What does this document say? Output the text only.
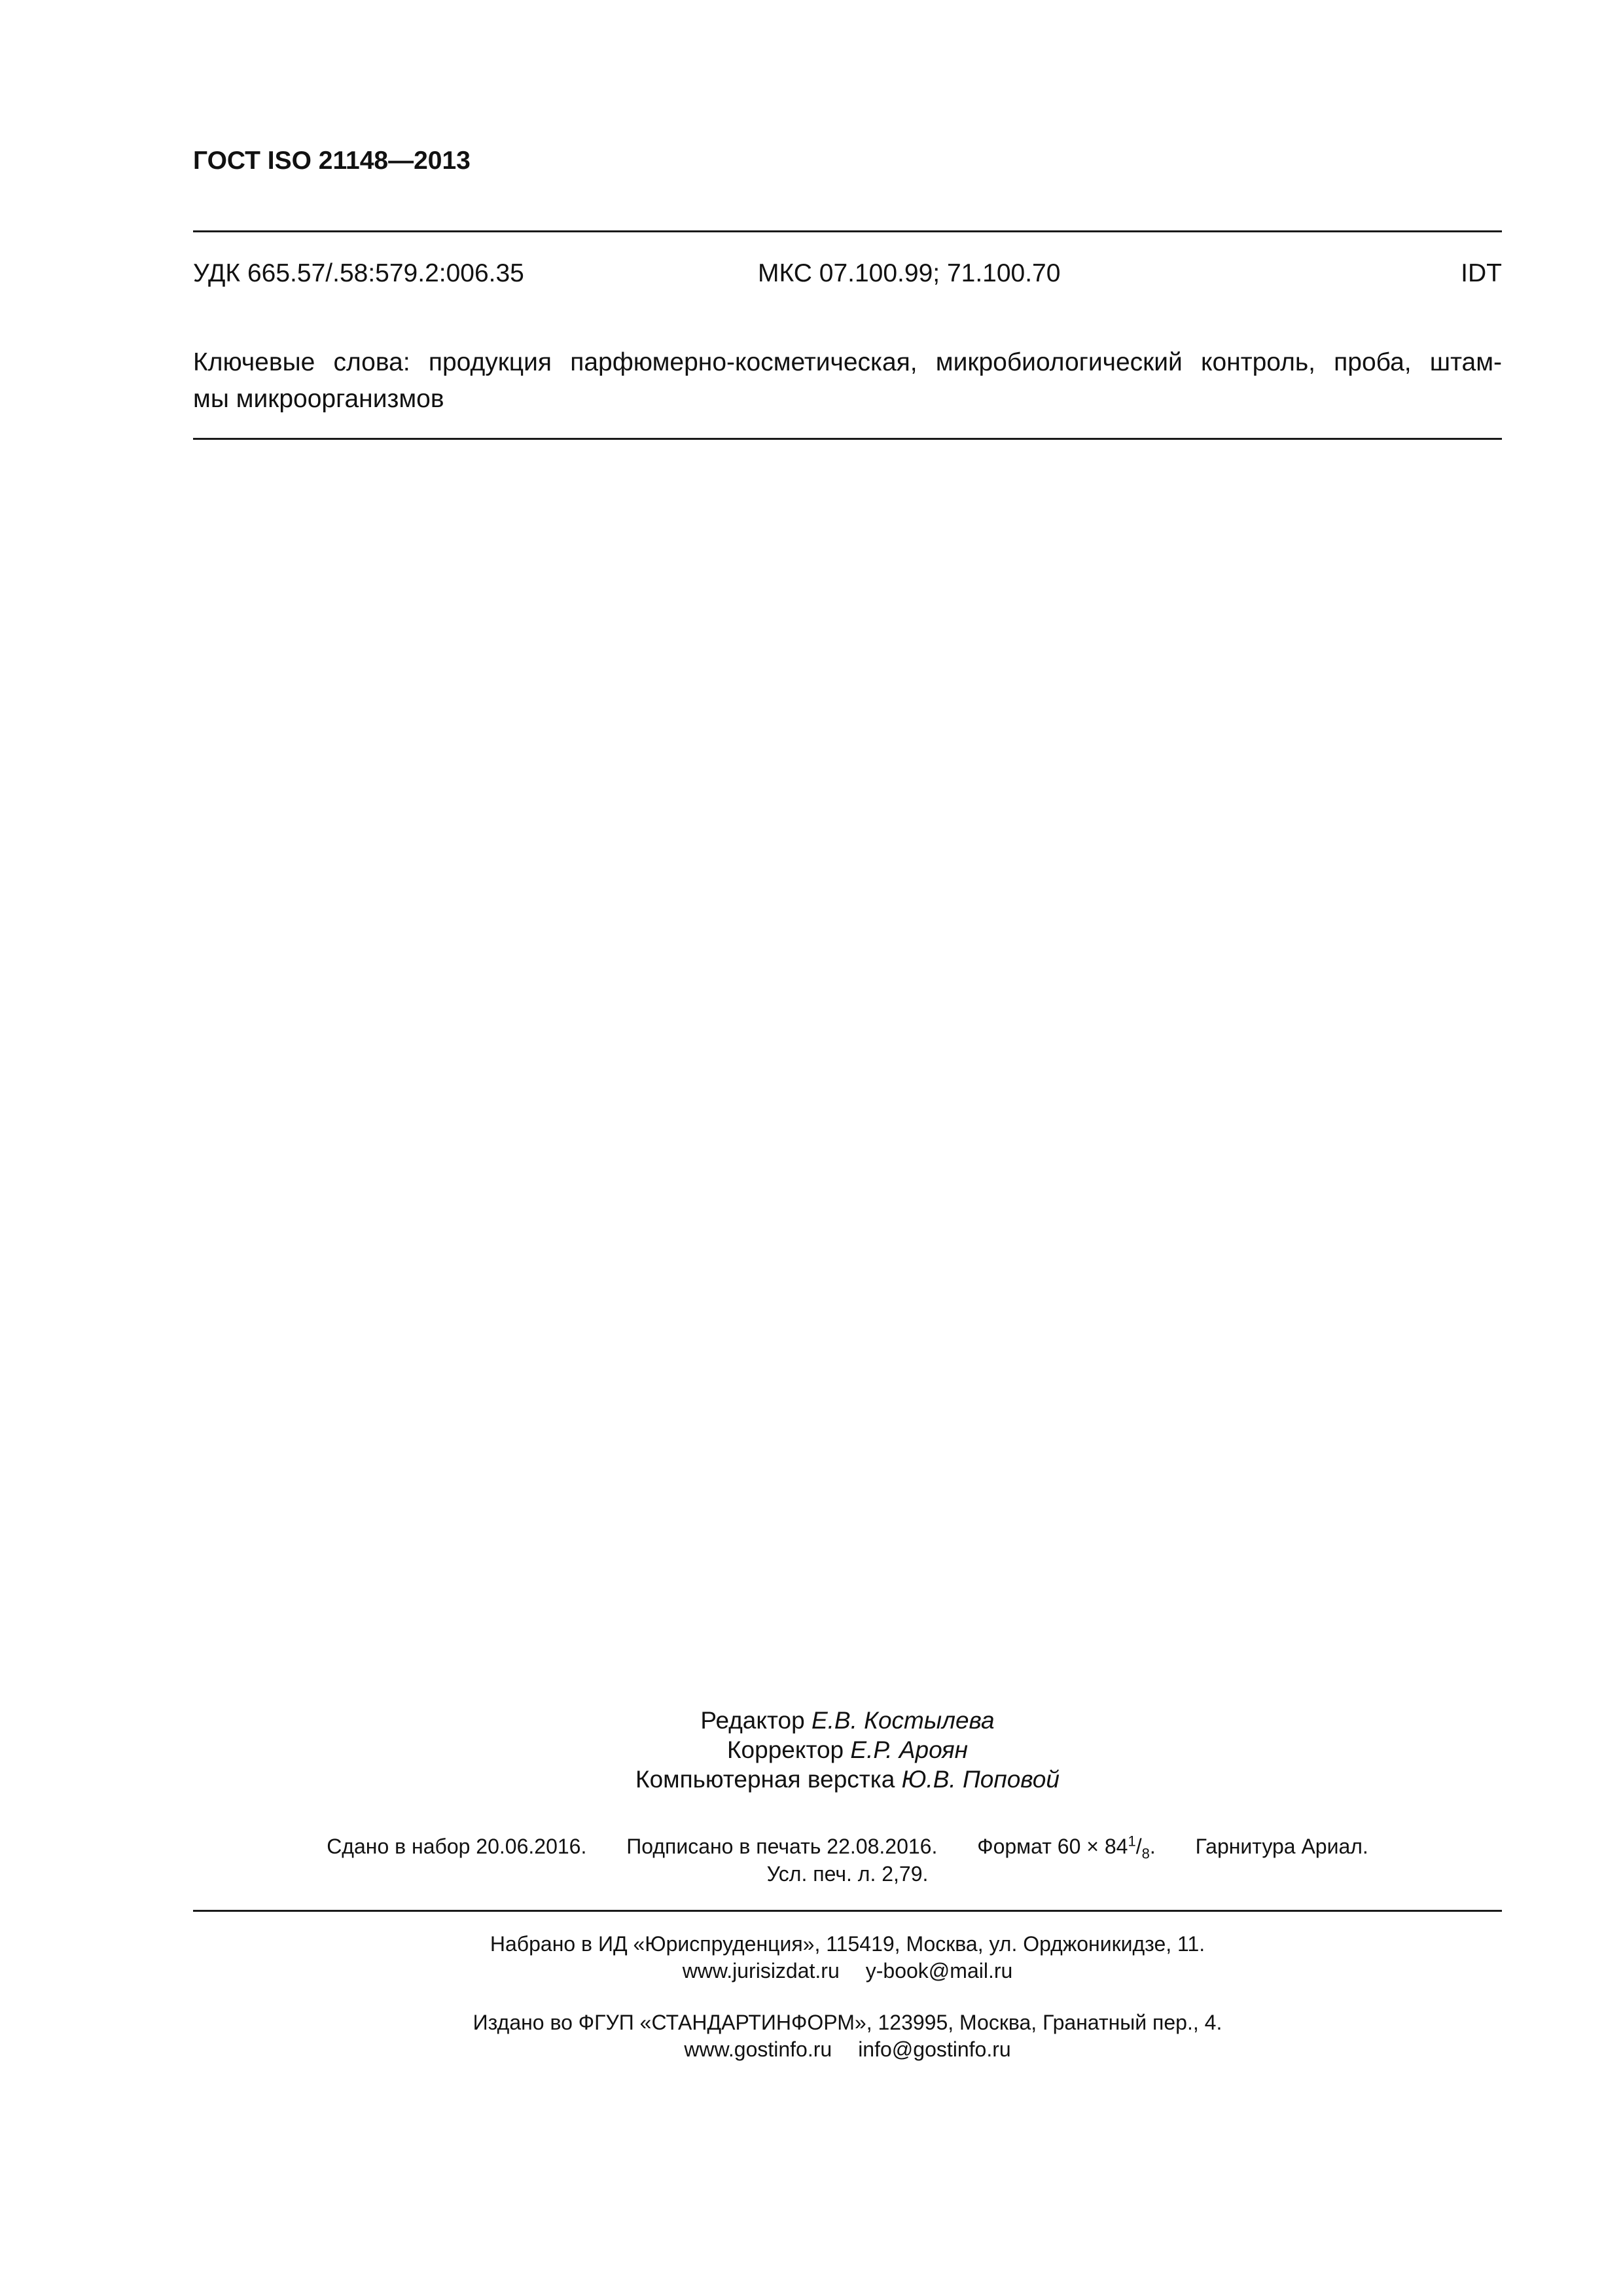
ГОСТ ISO 21148—2013
УДК 665.57/.58:579.2:006.35	МКС 07.100.99; 71.100.70	IDT
Ключевые слова: продукция парфюмерно-косметическая, микробиологический контроль, проба, штам-
мы микроорганизмов
Редактор Е.В. Костылева
Корректор Е.Р. Ароян
Компьютерная верстка Ю.В. Поповой
Сдано в набор 20.06.2016. Подписано в печать 22.08.2016. Формат $60 \times 84^1/_8$. Гарнитура Ариал.
Усл. печ. л. 2,79.
Набрано в ИД «Юриспруденция», 115419, Москва, ул. Орджоникидзе, 11.
www.jurisizdat.ru y-book@mail.ru
Издано во ФГУП «СТАНДАРТИНФОРМ», 123995, Москва, Гранатный пер., 4.
www.gostinfo.ru info@gostinfo.ru
